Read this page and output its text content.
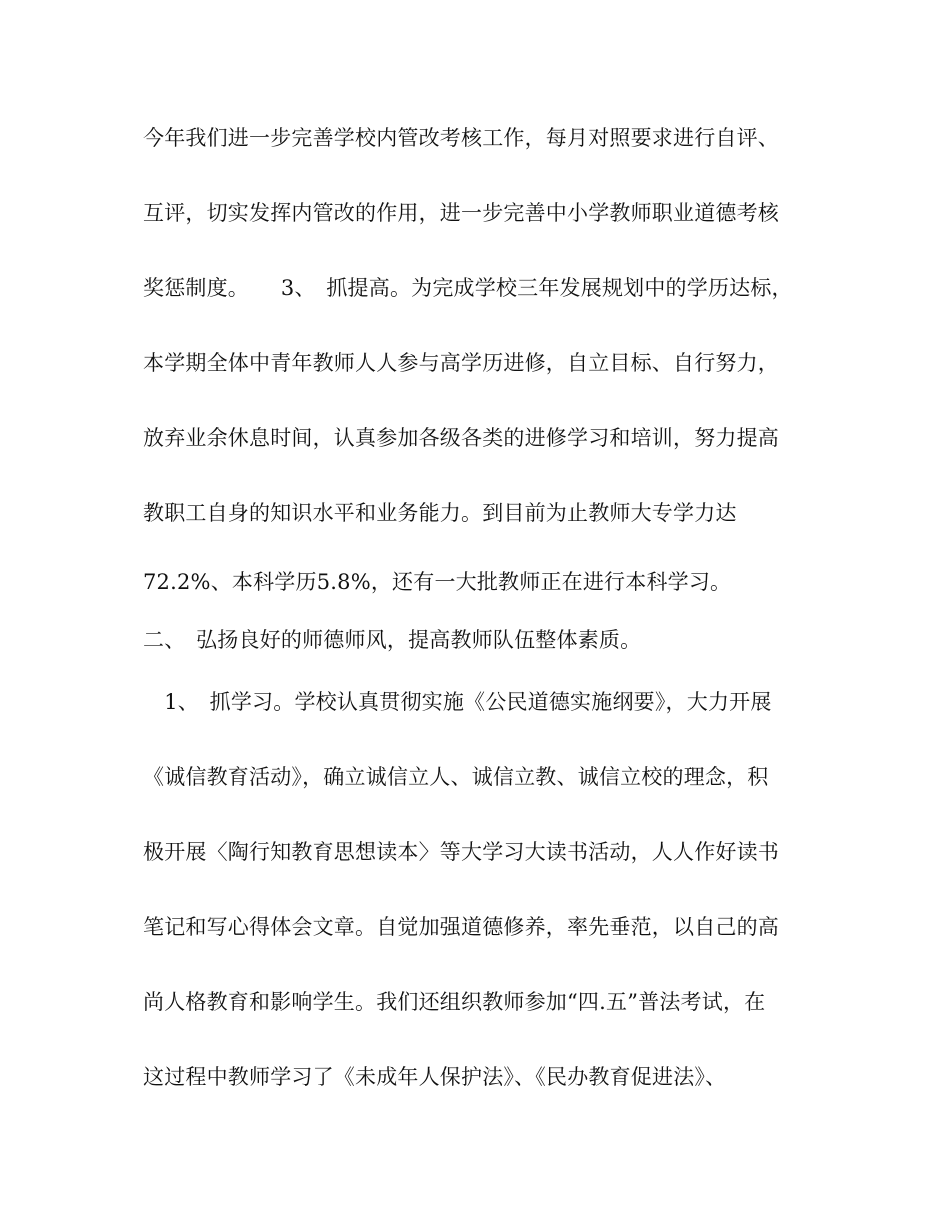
今年我们进一步完善学校内管改考核工作，每月对照要求进行自评、
互评，切实发挥内管改的作用，进一步完善中小学教师职业道德考核
奖惩制度。　　3、　抓提高。为完成学校三年发展规划中的学历达标，
本学期全体中青年教师人人参与高学历进修，自立目标、自行努力，
放弃业余休息时间，认真参加各级各类的进修学习和培训，努力提高
教职工自身的知识水平和业务能力。到目前为止教师大专学力达
72.2%、本科学历5.8%，还有一大批教师正在进行本科学习。
二、　弘扬良好的师德师风，提高教师队伍整体素质。
　1、　抓学习。学校认真贯彻实施《公民道德实施纲要》，大力开展
《诚信教育活动》，确立诚信立人、诚信立教、诚信立校的理念，积
极开展〈陶行知教育思想读本〉等大学习大读书活动，人人作好读书
笔记和写心得体会文章。自觉加强道德修养，率先垂范，以自己的高
尚人格教育和影响学生。我们还组织教师参加“四.五”普法考试，在
这过程中教师学习了《未成年人保护法》、《民办教育促进法》、
